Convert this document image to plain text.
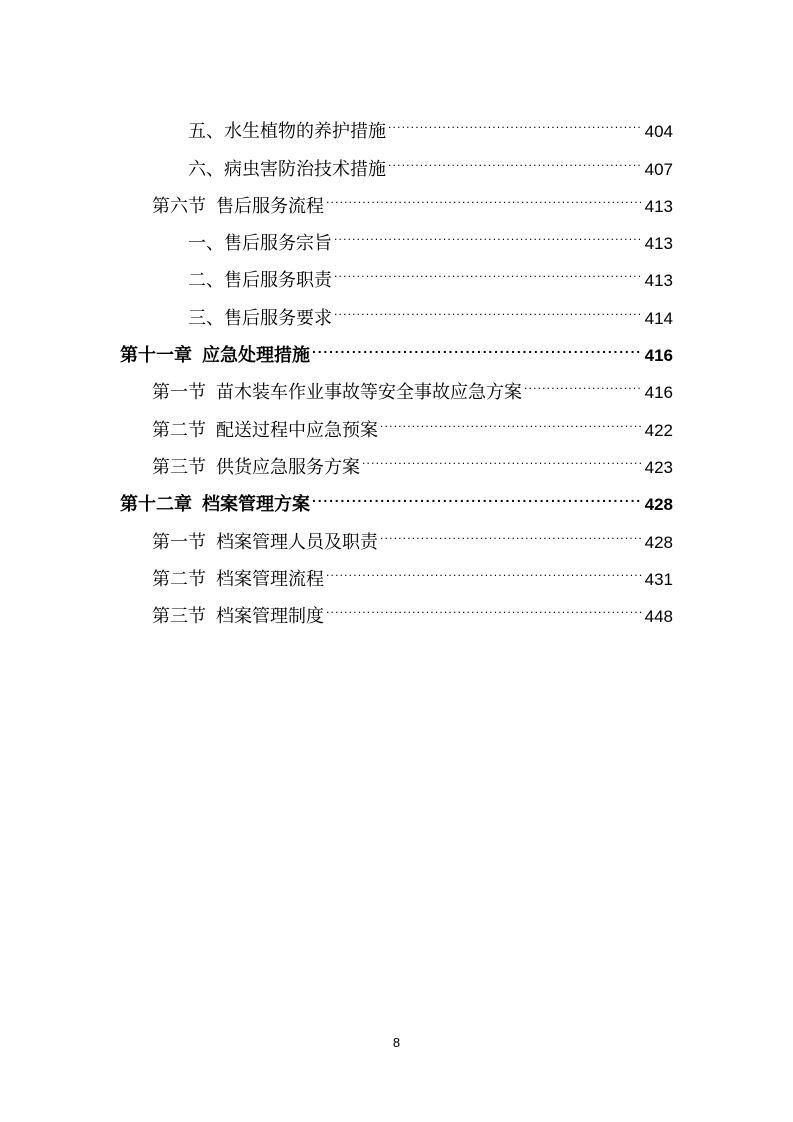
五、 水生植物的养护措施 .....	404
六、 病虫害防治技术措施 .....	407
第六节 售后服务流程 .....	413
一、 售后服务宗旨 .....	413
二、 售后服务职责 .....	413
三、 售后服务要求 .....	414
第十一章 应急处理措施 .....	416
第一节 苗木装车作业事故等安全事故应急方案 .....	416
第二节 配送过程中应急预案 .....	422
第三节 供货应急服务方案 .....	423
第十二章 档案管理方案 .....	428
第一节 档案管理人员及职责 .....	428
第二节 档案管理流程 .....	431
第三节 档案管理制度 .....	448
8
